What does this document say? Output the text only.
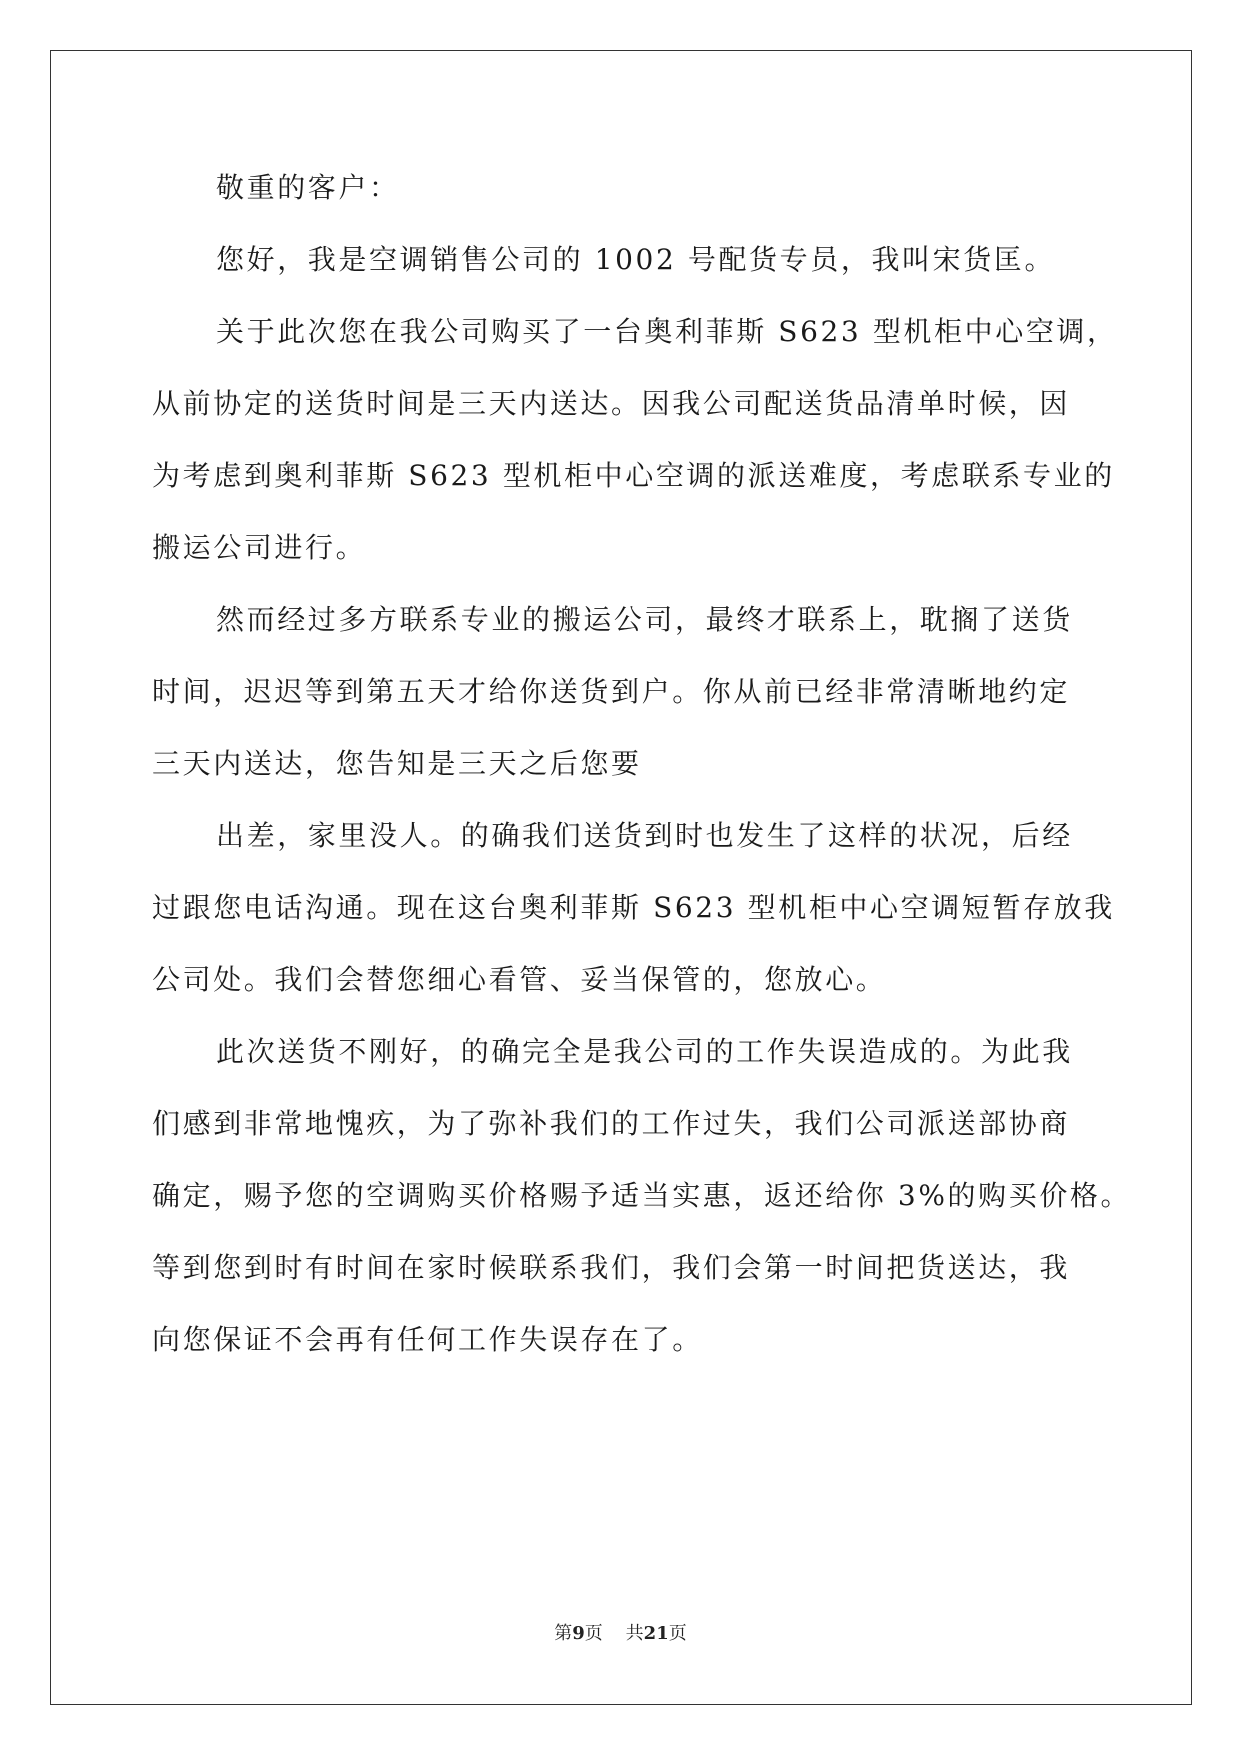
敬重的客户：
您好，我是空调销售公司的 1002 号配货专员，我叫宋货匡。
关于此次您在我公司购买了一台奥利菲斯 S623 型机柜中心空调，
从前协定的送货时间是三天内送达。因我公司配送货品清单时候，因
为考虑到奥利菲斯 S623 型机柜中心空调的派送难度，考虑联系专业的
搬运公司进行。
然而经过多方联系专业的搬运公司，最终才联系上，耽搁了送货
时间，迟迟等到第五天才给你送货到户。你从前已经非常清晰地约定
三天内送达，您告知是三天之后您要
出差，家里没人。的确我们送货到时也发生了这样的状况，后经
过跟您电话沟通。现在这台奥利菲斯 S623 型机柜中心空调短暂存放我
公司处。我们会替您细心看管、妥当保管的，您放心。
此次送货不刚好，的确完全是我公司的工作失误造成的。为此我
们感到非常地愧疚，为了弥补我们的工作过失，我们公司派送部协商
确定，赐予您的空调购买价格赐予适当实惠，返还给你 3%的购买价格。
等到您到时有时间在家时候联系我们，我们会第一时间把货送达，我
向您保证不会再有任何工作失误存在了。
第9页 共21页
